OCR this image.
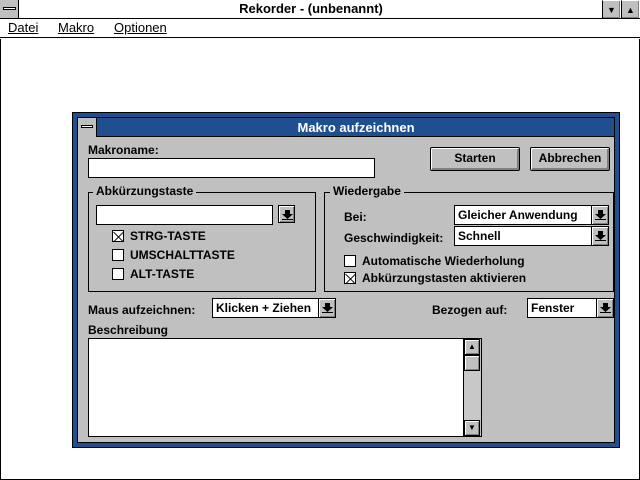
Rekorder - (unbenannt)	▼	▲
Datei Makro Optionen
Makro aufzeichnen
Makroname:
Starten	Abbrechen
Abkürzungstaste
STRG-TASTE
UMSCHALTTASTE
ALT-TASTE
Wiedergabe
Bei:	Gleicher Anwendung
Geschwindigkeit:	Schnell
Automatische Wiederholung
Abkürzungstasten aktivieren
Maus aufzeichnen:	Klicken + Ziehen	Bezogen auf:	Fenster
Beschreibung
▲
▼
